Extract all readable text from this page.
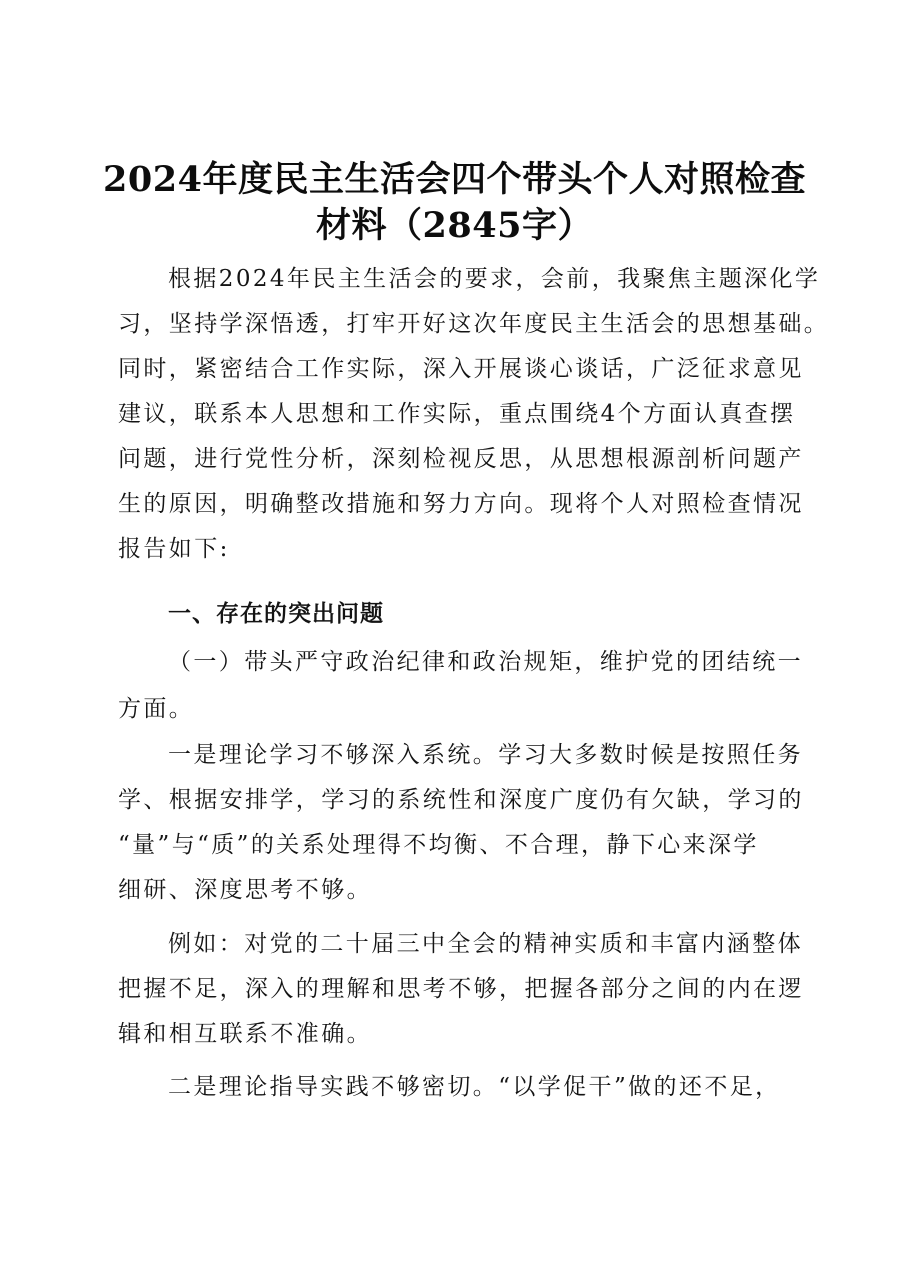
2024年度民主生活会四个带头个人对照检查
材料（2845字）
根据2024年民主生活会的要求，会前，我聚焦主题深化学
习，坚持学深悟透，打牢开好这次年度民主生活会的思想基础。
同时，紧密结合工作实际，深入开展谈心谈话，广泛征求意见
建议，联系本人思想和工作实际，重点围绕4个方面认真查摆
问题，进行党性分析，深刻检视反思，从思想根源剖析问题产
生的原因，明确整改措施和努力方向。现将个人对照检查情况
报告如下:
一、存在的突出问题
（一）带头严守政治纪律和政治规矩，维护党的团结统一
方面。
一是理论学习不够深入系统。学习大多数时候是按照任务
学、根据安排学，学习的系统性和深度广度仍有欠缺，学习的
“量”与“质”的关系处理得不均衡、不合理，静下心来深学
细研、深度思考不够。
例如：对党的二十届三中全会的精神实质和丰富内涵整体
把握不足，深入的理解和思考不够，把握各部分之间的内在逻
辑和相互联系不准确。
二是理论指导实践不够密切。“以学促干”做的还不足，
